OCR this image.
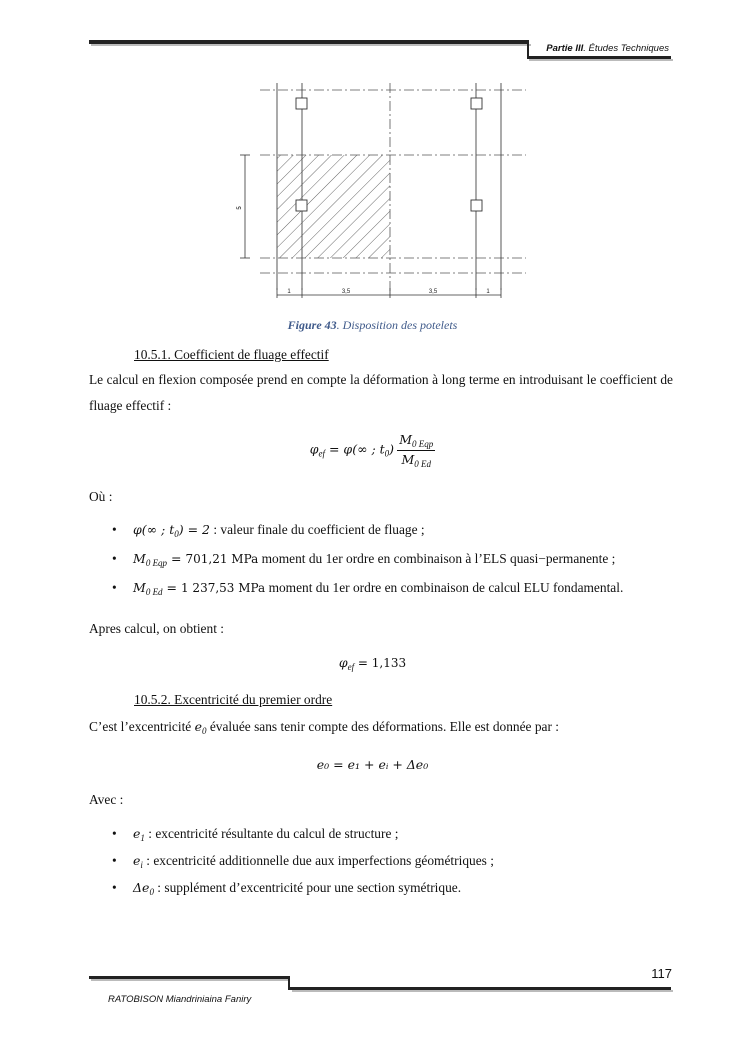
Partie III. Études Techniques
5
1	3,5	3,5	1
Figure 43. Disposition des potelets
10.5.1. Coefficient de fluage effectif
Le calcul en flexion composée prend en compte la déformation à long terme en introduisant le coefficient de fluage effectif :
$\varphi_{ef} = \varphi(\infty$ ; $t_0) \frac{M_{0 Eqp}}{M_{0 Ed}}$
Où :
• φ(∞ ; $t_0) = 2$ : valeur finale du coefficient de fluage ;
• $M_{0 Eqp} = 701,21$ MPa moment du 1er ordre en combinaison à l’ELS quasi−permanente ;
• $M_{0 Ed} = 1$ 237,53 MPa moment du 1er ordre en combinaison de calcul ELU fondamental.
Apres calcul, on obtient :
$\varphi_{ef} = 1,133$
10.5.2. Excentricité du premier ordre
C’est l’excentricité $e_0$ évaluée sans tenir compte des déformations. Elle est donnée par :
e₀ = e₁ + eᵢ + Δe₀
Avec :
• $e_1$ : excentricité résultante du calcul de structure ;
• $e_i$ : excentricité additionnelle due aux imperfections géométriques ;
• $\Delta e_0$ : supplément d’excentricité pour une section symétrique.
117
RATOBISON Miandriniaina Faniry
